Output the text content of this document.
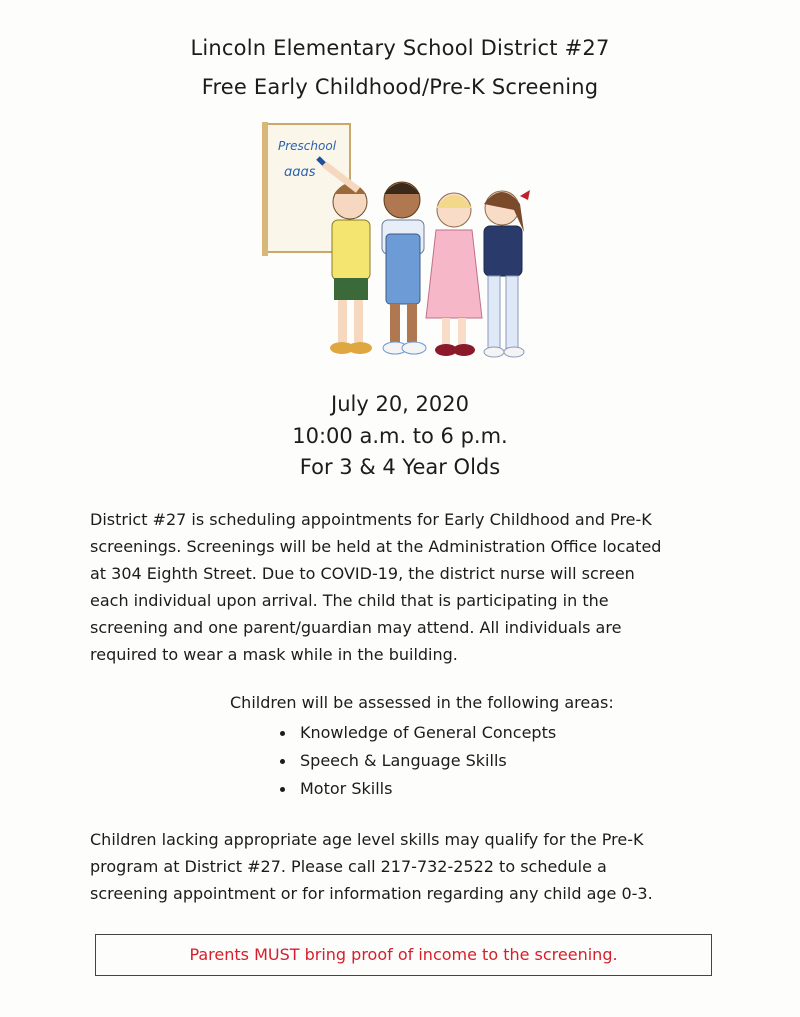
Lincoln Elementary School District #27
Free Early Childhood/Pre-K Screening
Preschool
ɑɑɑs
July 20, 2020
10:00 a.m. to 6 p.m.
For 3 & 4 Year Olds
District #27 is scheduling appointments for Early Childhood and Pre-K
screenings. Screenings will be held at the Administration Office located
at 304 Eighth Street. Due to COVID-19, the district nurse will screen
each individual upon arrival. The child that is participating in the
screening and one parent/guardian may attend. All individuals are
required to wear a mask while in the building.
Children will be assessed in the following areas:
Knowledge of General Concepts
Speech & Language Skills
Motor Skills
Children lacking appropriate age level skills may qualify for the Pre-K
program at District #27. Please call 217-732-2522 to schedule a
screening appointment or for information regarding any child age 0-3.
Parents MUST bring proof of income to the screening.
